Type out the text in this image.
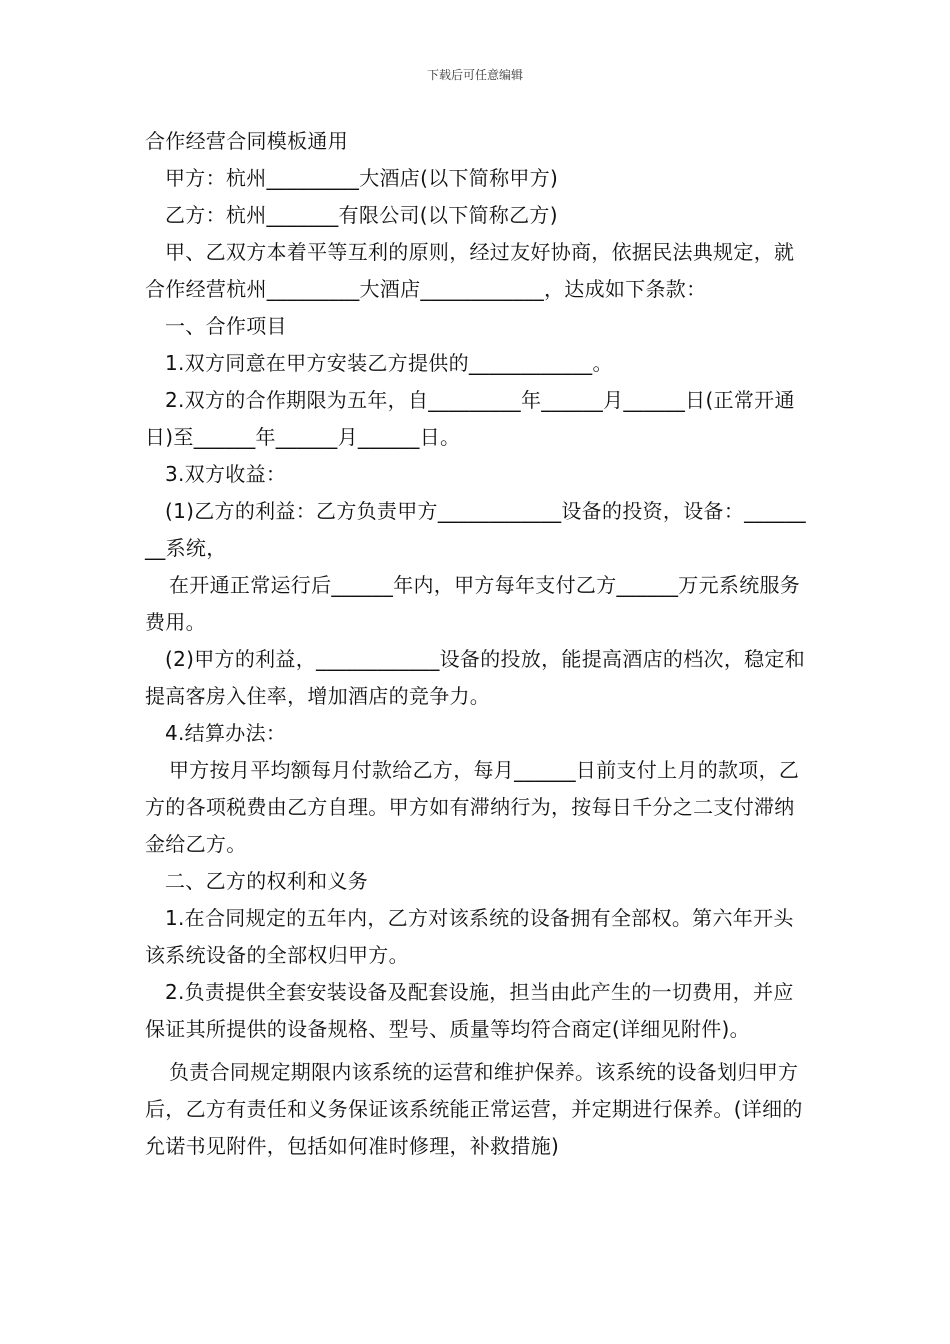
下载后可任意编辑

合作经营合同模板通用

甲方：杭州_________大酒店(以下简称甲方)

乙方：杭州_______有限公司(以下简称乙方)

甲、乙双方本着平等互利的原则，经过友好协商，依据民法典规定，就合作经营杭州_________大酒店____________，达成如下条款：

一、合作项目

1.双方同意在甲方安装乙方提供的____________。

2.双方的合作期限为五年，自_________年______月______日(正常开通日)至______年______月______日。

3.双方收益：

(1)乙方的利益：乙方负责甲方____________设备的投资，设备：________系统，

在开通正常运行后______年内，甲方每年支付乙方______万元系统服务费用。

(2)甲方的利益，____________设备的投放，能提高酒店的档次，稳定和提高客房入住率，增加酒店的竞争力。

4.结算办法：

甲方按月平均额每月付款给乙方，每月______日前支付上月的款项，乙方的各项税费由乙方自理。甲方如有滞纳行为，按每日千分之二支付滞纳金给乙方。

二、乙方的权利和义务

1.在合同规定的五年内，乙方对该系统的设备拥有全部权。第六年开头该系统设备的全部权归甲方。

2.负责提供全套安装设备及配套设施，担当由此产生的一切费用，并应保证其所提供的设备规格、型号、质量等均符合商定(详细见附件)。

负责合同规定期限内该系统的运营和维护保养。该系统的设备划归甲方后，乙方有责任和义务保证该系统能正常运营，并定期进行保养。(详细的允诺书见附件，包括如何准时修理，补救措施)
